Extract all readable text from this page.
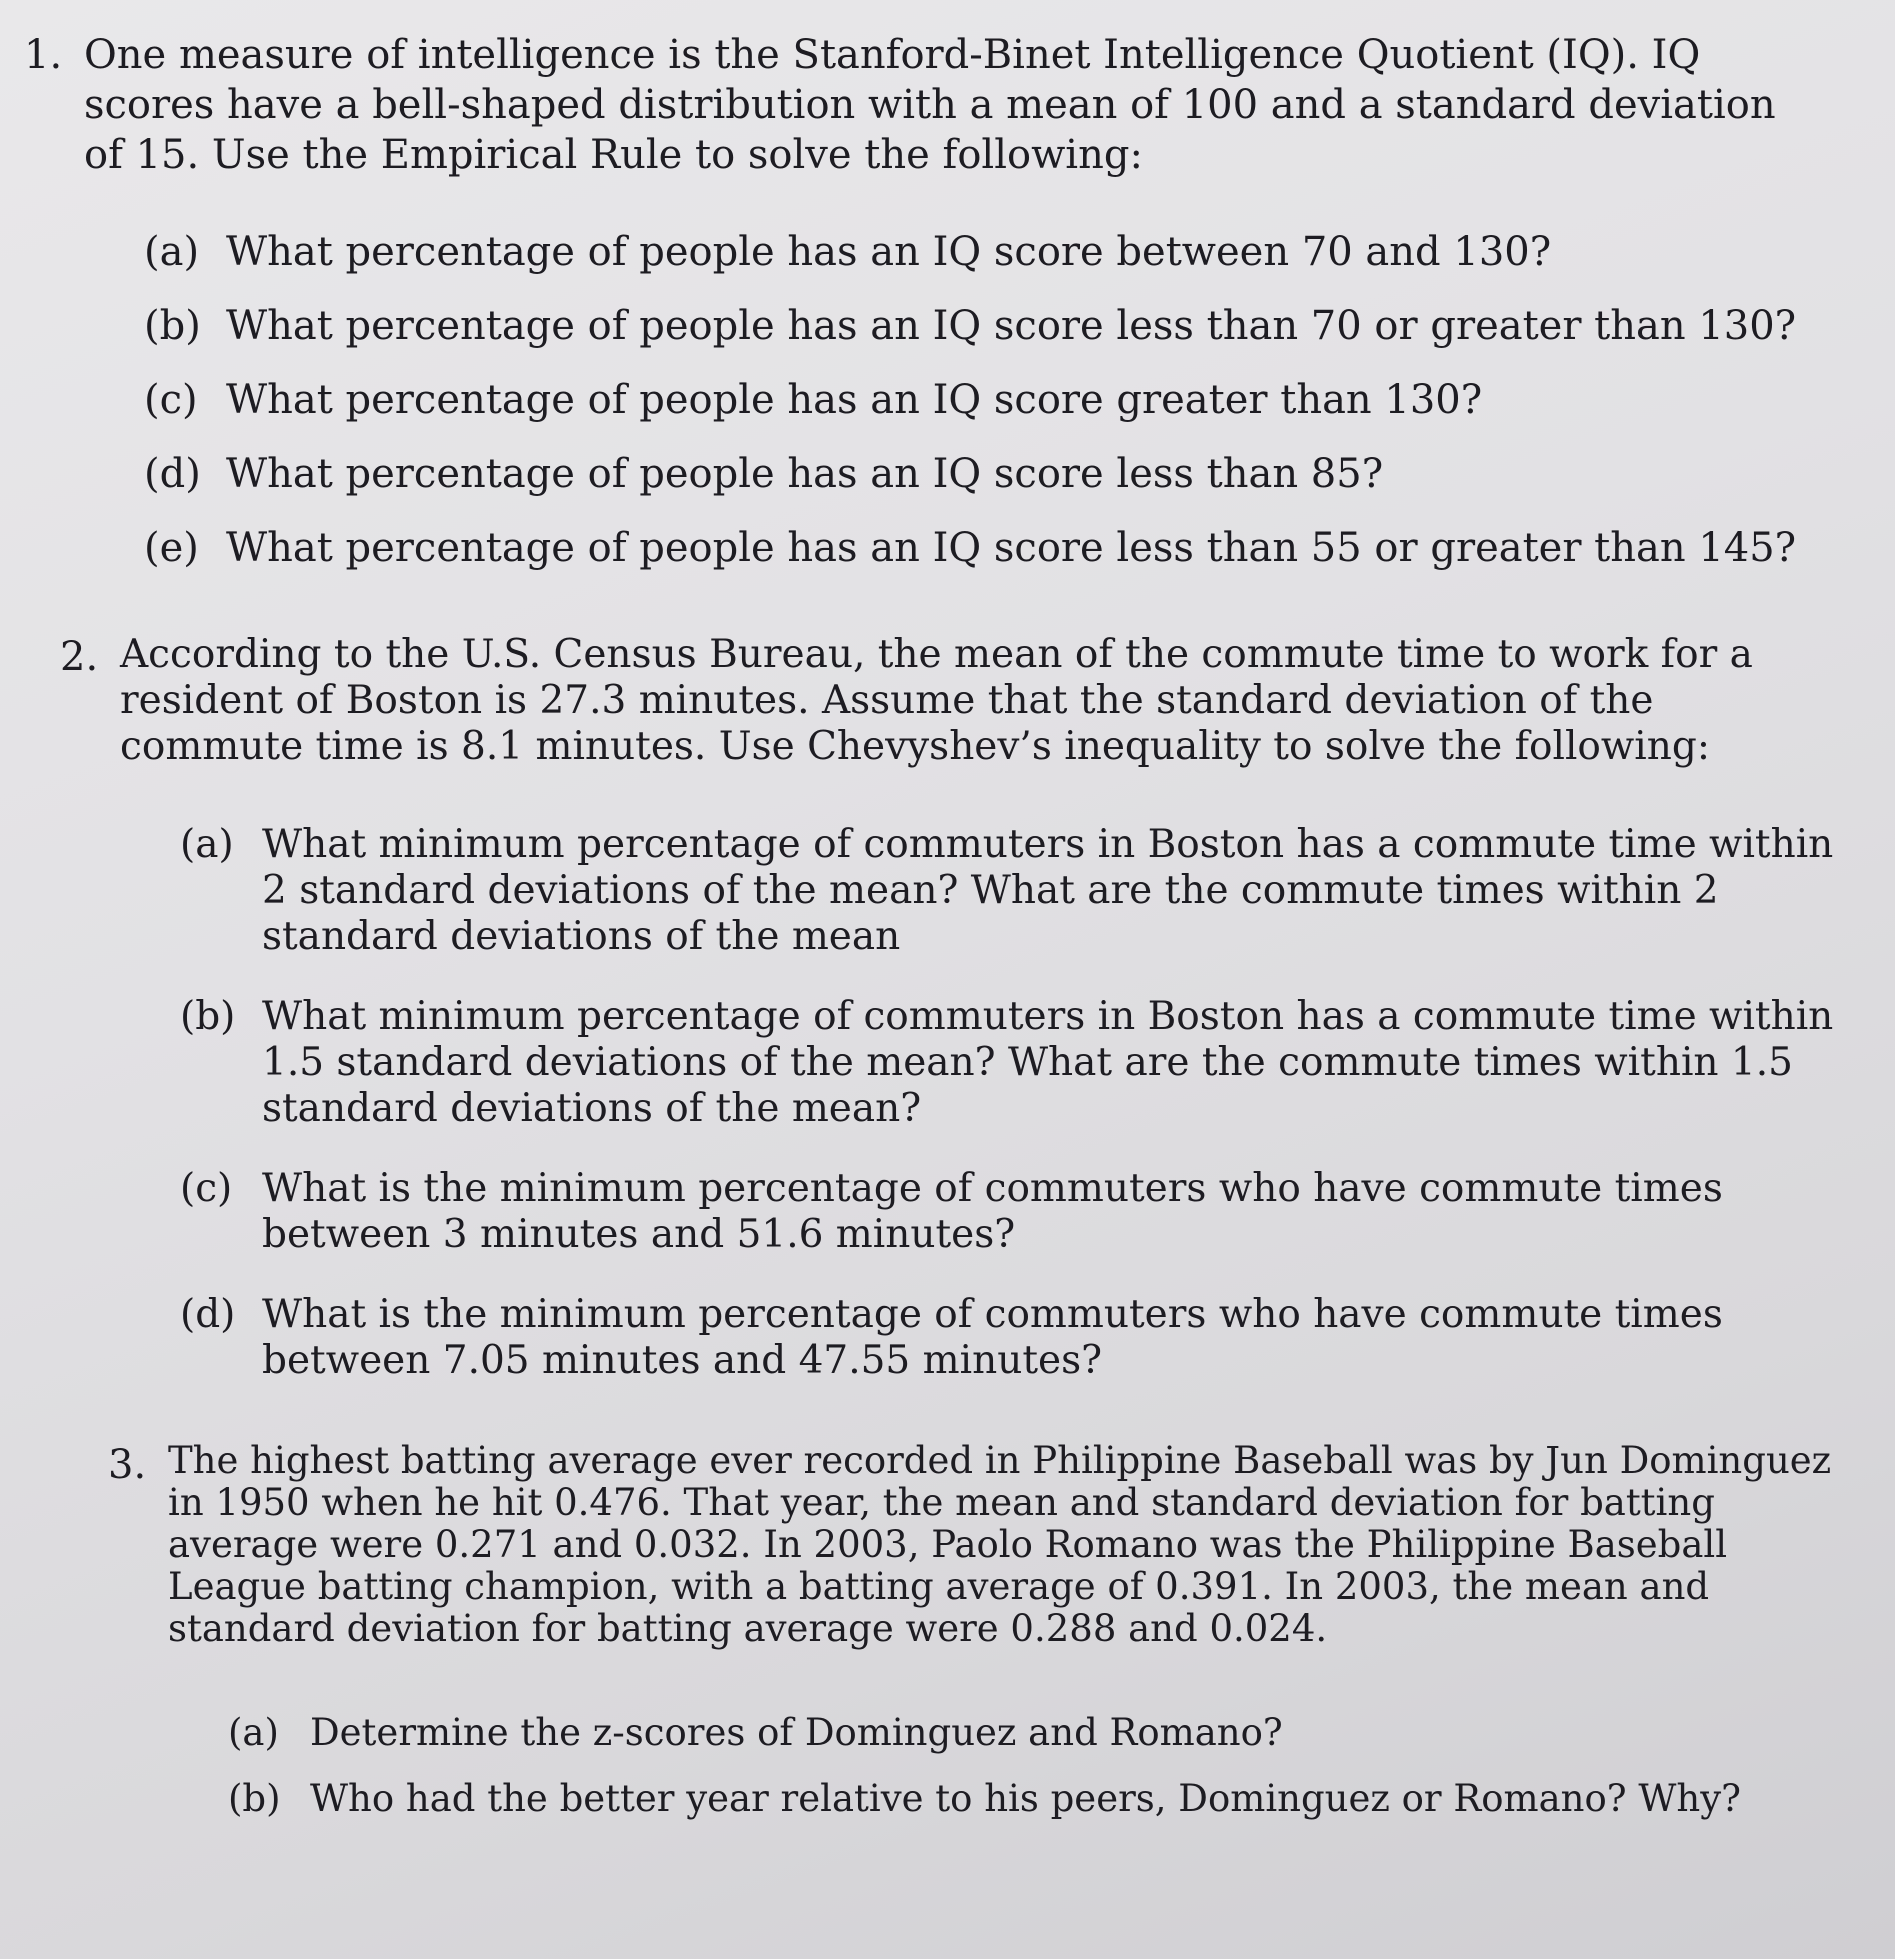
1. One measure of intelligence is the Stanford-Binet Intelligence Quotient (IQ). IQ scores have a bell-shaped distribution with a mean of 100 and a standard deviation of 15. Use the Empirical Rule to solve the following:

(a) What percentage of people has an IQ score between 70 and 130?
(b) What percentage of people has an IQ score less than 70 or greater than 130?
(c) What percentage of people has an IQ score greater than 130?
(d) What percentage of people has an IQ score less than 85?
(e) What percentage of people has an IQ score less than 55 or greater than 145?
2. According to the U.S. Census Bureau, the mean of the commute time to work for a resident of Boston is 27.3 minutes. Assume that the standard deviation of the commute time is 8.1 minutes. Use Chevyshev’s inequality to solve the following:

(a) What minimum percentage of commuters in Boston has a commute time within 2 standard deviations of the mean? What are the commute times within 2 standard deviations of the mean
(b) What minimum percentage of commuters in Boston has a commute time within 1.5 standard deviations of the mean? What are the commute times within 1.5 standard deviations of the mean?
(c) What is the minimum percentage of commuters who have commute times between 3 minutes and 51.6 minutes?
(d) What is the minimum percentage of commuters who have commute times between 7.05 minutes and 47.55 minutes?
3. The highest batting average ever recorded in Philippine Baseball was by Jun Dominguez in 1950 when he hit 0.476. That year, the mean and standard deviation for batting average were 0.271 and 0.032. In 2003, Paolo Romano was the Philippine Baseball League batting champion, with a batting average of 0.391. In 2003, the mean and standard deviation for batting average were 0.288 and 0.024.

(a) Determine the z-scores of Dominguez and Romano?
(b) Who had the better year relative to his peers, Dominguez or Romano? Why?
